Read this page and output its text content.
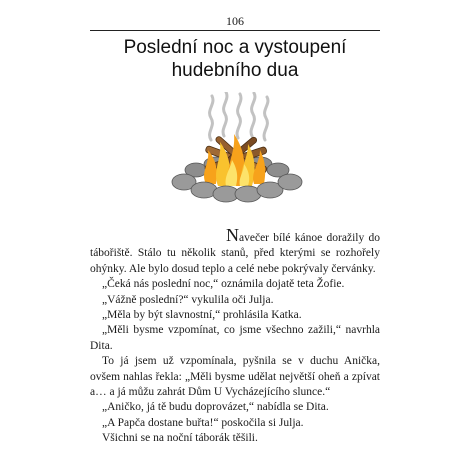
106
Poslední noc a vystoupení
hudebního dua

Navečer bílé kánoe doražily do tábořiště. Stálo tu několik stanů, před kterými se rozhořely ohýnky. Ale bylo dosud teplo a celé nebe pokrývaly červánky.

„Čeká nás poslední noc,“ oznámila dojatě teta Žofie.

„Vážně poslední?“ vykulila oči Julja.

„Měla by být slavnostní,“ prohlásila Katka.

„Měli bysme vzpomínat, co jsme všechno zažili,“ navrhla Dita.

To já jsem už vzpomínala, pyšnila se v duchu Anička, ovšem nahlas řekla: „Měli bysme udělat největší oheň a zpívat a… a já můžu zahrát Dům U Vycházejícího slunce.“

„Aničko, já tě budu doprovázet,“ nabídla se Dita.

„A Papča dostane buřta!“ poskočila si Julja.

Všichni se na noční táborák těšili.
